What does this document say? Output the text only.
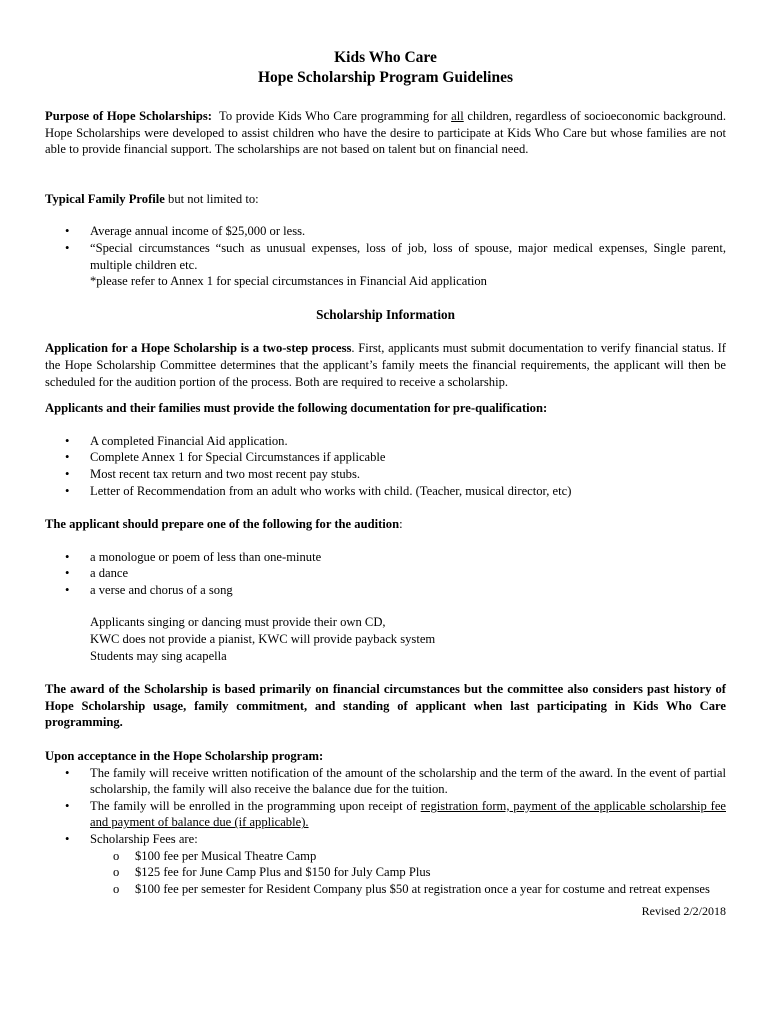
Kids Who Care

Hope Scholarship Program Guidelines

Purpose of Hope Scholarships: To provide Kids Who Care programming for all children, regardless of socioeconomic background. Hope Scholarships were developed to assist children who have the desire to participate at Kids Who Care but whose families are not able to provide financial support. The scholarships are not based on talent but on financial need.

Typical Family Profile but not limited to:

• Average annual income of $25,000 or less.
• “Special circumstances “such as unusual expenses, loss of job, loss of spouse, major medical expenses, Single parent, multiple children etc.
*please refer to Annex 1 for special circumstances in Financial Aid application

Scholarship Information

Application for a Hope Scholarship is a two-step process. First, applicants must submit documentation to verify financial status. If the Hope Scholarship Committee determines that the applicant’s family meets the financial requirements, the applicant will then be scheduled for the audition portion of the process. Both are required to receive a scholarship.

Applicants and their families must provide the following documentation for pre-qualification:

• A completed Financial Aid application.
• Complete Annex 1 for Special Circumstances if applicable
• Most recent tax return and two most recent pay stubs.
• Letter of Recommendation from an adult who works with child. (Teacher, musical director, etc)

The applicant should prepare one of the following for the audition:

• a monologue or poem of less than one-minute
• a dance
• a verse and chorus of a song
Applicants singing or dancing must provide their own CD,
KWC does not provide a pianist, KWC will provide payback system
Students may sing acapella

The award of the Scholarship is based primarily on financial circumstances but the committee also considers past history of Hope Scholarship usage, family commitment, and standing of applicant when last participating in Kids Who Care programming.

Upon acceptance in the Hope Scholarship program:

• The family will receive written notification of the amount of the scholarship and the term of the award. In the event of partial scholarship, the family will also receive the balance due for the tuition.
• The family will be enrolled in the programming upon receipt of registration form, payment of the applicable scholarship fee and payment of balance due (if applicable).
• Scholarship Fees are:
o $100 fee per Musical Theatre Camp
o $125 fee for June Camp Plus and $150 for July Camp Plus
o $100 fee per semester for Resident Company plus $50 at registration once a year for costume and retreat expenses

Revised 2/2/2018
